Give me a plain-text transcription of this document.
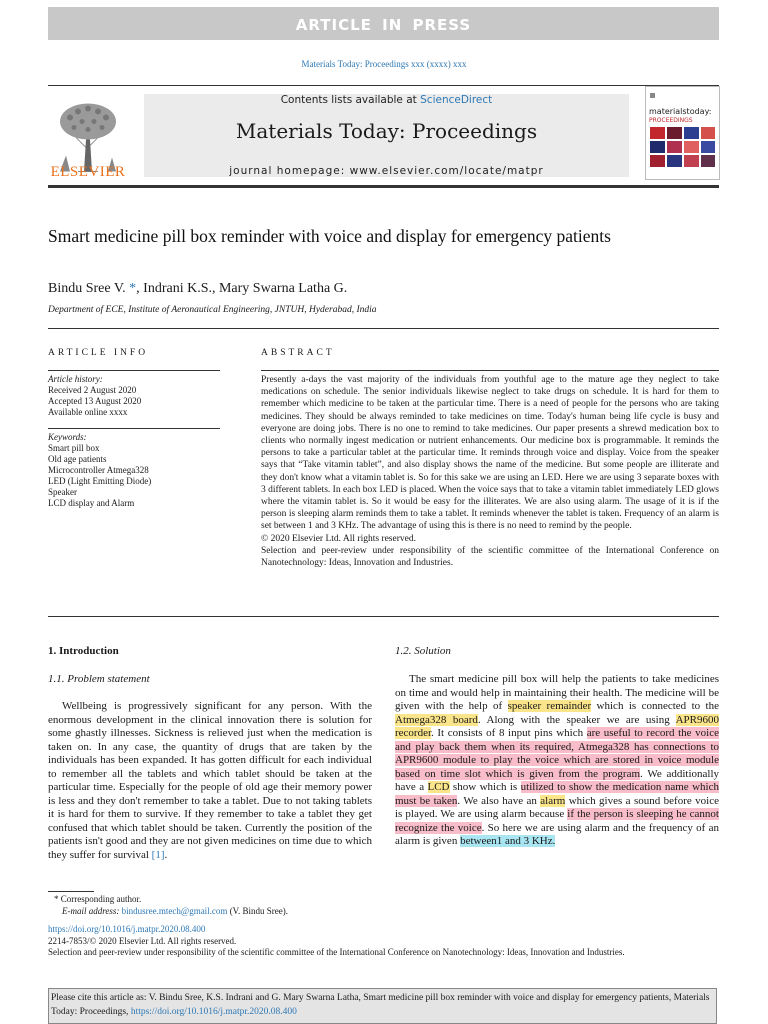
ARTICLE IN PRESS
Materials Today: Proceedings xxx (xxxx) xxx
ELSEVIER
Contents lists available at ScienceDirect
Materials Today: Proceedings
journal homepage: www.elsevier.com/locate/matpr
materialstoday:
PROCEEDINGS
Smart medicine pill box reminder with voice and display for emergency patients
Bindu Sree V. *, Indrani K.S., Mary Swarna Latha G.
Department of ECE, Institute of Aeronautical Engineering, JNTUH, Hyderabad, India
ARTICLE INFO
Article history:
Received 2 August 2020
Accepted 13 August 2020
Available online xxxx
Keywords:
Smart pill box
Old age patients
Microcontroller Atmega328
LED (Light Emitting Diode)
Speaker
LCD display and Alarm
ABSTRACT

Presently a-days the vast majority of the individuals from youthful age to the mature age they neglect to take medications on schedule. The senior individuals likewise neglect to take drugs on schedule. It is hard for them to remember which medicine to be taken at the particular time. There is a need of people for the persons who are taking medicines. They should be always reminded to take medicines on time. Today's human being life cycle is busy and everyone are doing jobs. There is no one to remind to take medicines. Our paper presents a shrewd medication box to clients who normally ingest medication or nutrient enhancements. Our medicine box is programmable. It reminds the persons to take a particular tablet at the particular time. It reminds through voice and display. Voice from the speaker says that “Take vitamin tablet”, and also display shows the name of the medicine. But some people are illiterate and they don't know what a vitamin tablet is. So for this sake we are using an LED. Here we are using 3 separate boxes with 3 different tablets. In each box LED is placed. When the voice says that to take a vitamin tablet immediately LED glows where the vitamin tablet is. So it would be easy for the illiterates. We are also using alarm. The usage of it is if the person is sleeping alarm reminds them to take a tablet. It reminds whenever the tablet is taken. Frequency of an alarm is set between 1 and 3 KHz. The advantage of using this is there is no need to remind by the people.

© 2020 Elsevier Ltd. All rights reserved.

Selection and peer-review under responsibility of the scientific committee of the International Conference on Nanotechnology: Ideas, Innovation and Industries.

1. Introduction
1.1. Problem statement

Wellbeing is progressively significant for any person. With the enormous development in the clinical innovation there is solution for some ghastly illnesses. Sickness is relieved just when the medication is taken on. In any case, the quantity of drugs that are taken by the individuals has been expanded. It has gotten difficult for each individual to remember all the tablets and which tablet should be taken at the particular time. Especially for the people of old age their memory power is less and they don't remember to take a tablet. Due to not taking tablets it is hard for them to survive. If they remember to take a tablet they get confused that which tablet should be taken. Currently the position of the patients isn't good and they are not given medicines on time due to which they suffer for survival [1].

1.2. Solution

The smart medicine pill box will help the patients to take medicines on time and would help in maintaining their health. The medicine will be given with the help of speaker remainder which is connected to the Atmega328 board. Along with the speaker we are using APR9600 recorder. It consists of 8 input pins which are useful to record the voice and play back them when its required, Atmega328 has connections to APR9600 module to play the voice which are stored in voice module based on time slot which is given from the program. We additionally have a LCD show which is utilized to show the medication name which must be taken. We also have an alarm which gives a sound before voice is played. We are using alarm because if the person is sleeping he cannot recognize the voice. So here we are using alarm and the frequency of an alarm is given between1 and 3 KHz.

* Corresponding author.
E-mail address: bindusree.mtech@gmail.com (V. Bindu Sree).
https://doi.org/10.1016/j.matpr.2020.08.400
2214-7853/© 2020 Elsevier Ltd. All rights reserved.
Selection and peer-review under responsibility of the scientific committee of the International Conference on Nanotechnology: Ideas, Innovation and Industries.
Please cite this article as: V. Bindu Sree, K.S. Indrani and G. Mary Swarna Latha, Smart medicine pill box reminder with voice and display for emergency patients, Materials Today: Proceedings, https://doi.org/10.1016/j.matpr.2020.08.400
